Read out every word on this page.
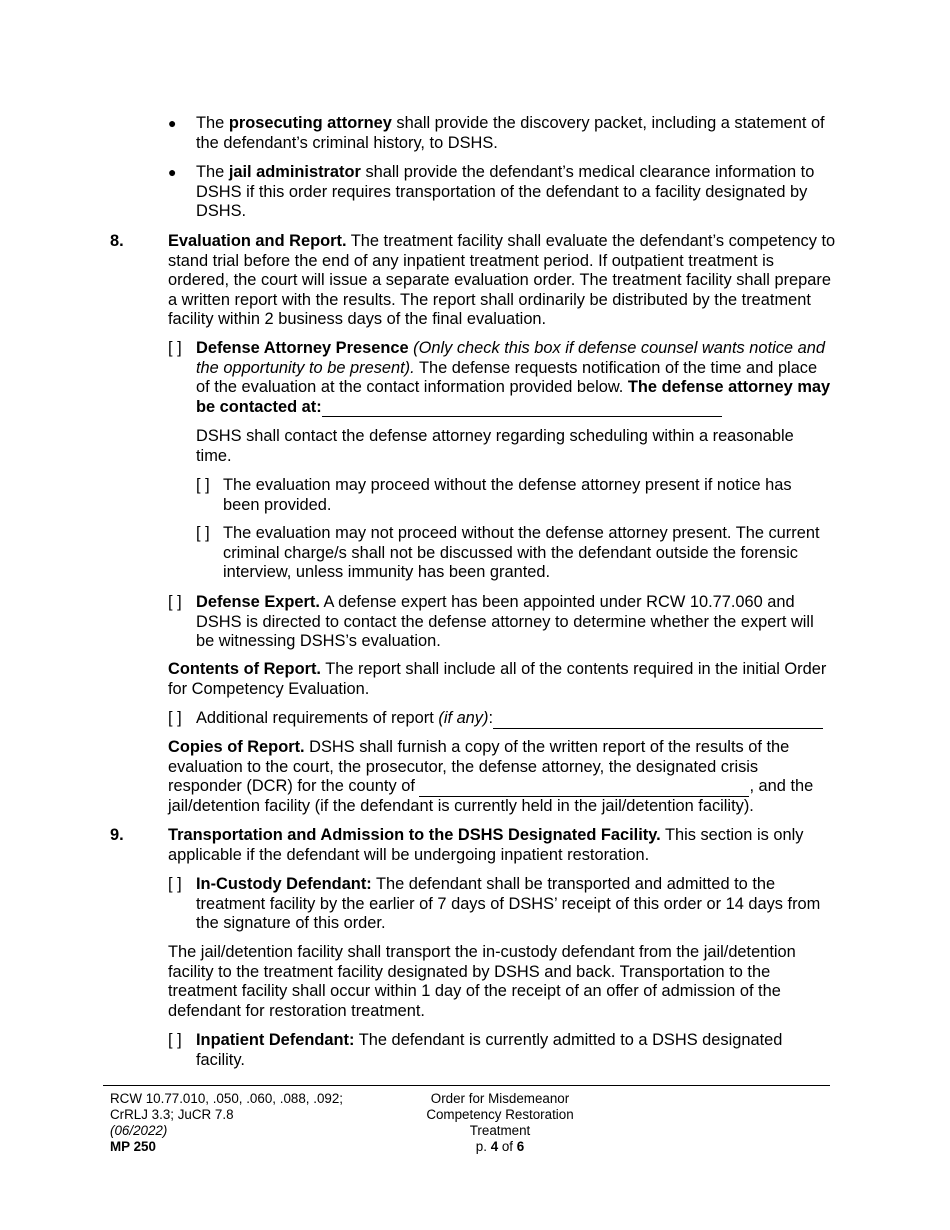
● The prosecuting attorney shall provide the discovery packet, including a statement of the defendant’s criminal history, to DSHS.

● The jail administrator shall provide the defendant’s medical clearance information to DSHS if this order requires transportation of the defendant to a facility designated by DSHS.

8.	Evaluation and Report. The treatment facility shall evaluate the defendant’s competency to stand trial before the end of any inpatient treatment period. If outpatient treatment is ordered, the court will issue a separate evaluation order. The treatment facility shall prepare a written report with the results. The report shall ordinarily be distributed by the treatment facility within 2 business days of the final evaluation.

[ ] Defense Attorney Presence (Only check this box if defense counsel wants notice and the opportunity to be present). The defense requests notification of the time and place of the evaluation at the contact information provided below. The defense attorney may be contacted at:

DSHS shall contact the defense attorney regarding scheduling within a reasonable time.

[ ] The evaluation may proceed without the defense attorney present if notice has been provided.

[ ] The evaluation may not proceed without the defense attorney present. The current criminal charge/s shall not be discussed with the defendant outside the forensic interview, unless immunity has been granted.

[ ] Defense Expert. A defense expert has been appointed under RCW 10.77.060 and DSHS is directed to contact the defense attorney to determine whether the expert will be witnessing DSHS’s evaluation.

Contents of Report. The report shall include all of the contents required in the initial Order for Competency Evaluation.

[ ] Additional requirements of report (if any):

Copies of Report. DSHS shall furnish a copy of the written report of the results of the evaluation to the court, the prosecutor, the defense attorney, the designated crisis responder (DCR) for the county of	, and the jail/detention facility (if the defendant is currently held in the jail/detention facility).

9.	Transportation and Admission to the DSHS Designated Facility. This section is only applicable if the defendant will be undergoing inpatient restoration.

[ ] In-Custody Defendant: The defendant shall be transported and admitted to the treatment facility by the earlier of 7 days of DSHS’ receipt of this order or 14 days from the signature of this order.

The jail/detention facility shall transport the in-custody defendant from the jail/detention facility to the treatment facility designated by DSHS and back. Transportation to the treatment facility shall occur within 1 day of the receipt of an offer of admission of the defendant for restoration treatment.

[ ] Inpatient Defendant: The defendant is currently admitted to a DSHS designated facility.

RCW 10.77.010, .050, .060, .088, .092;
CrRLJ 3.3; JuCR 7.8
(06/2022)
MP 250
Order for Misdemeanor
Competency Restoration
Treatment
p. 4 of 6
